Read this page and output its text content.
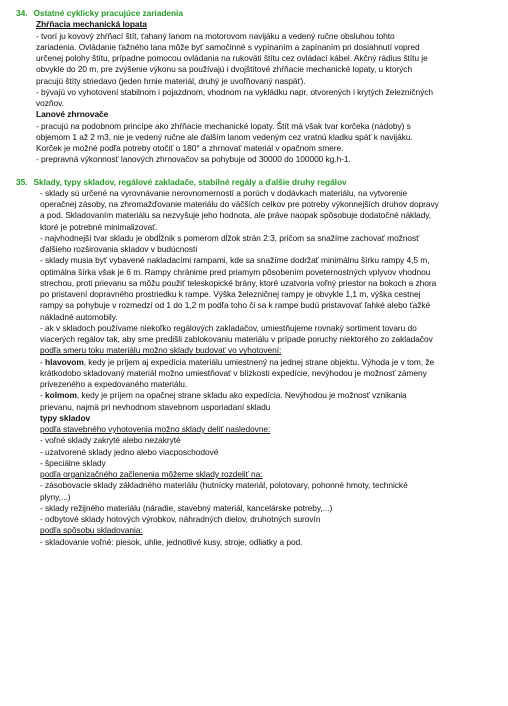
34. Ostatné cyklicky pracujúce zariadenia
Zhŕňacia mechanická lopata
- tvorí ju kovový zhŕňací štít, ťahaný lanom na motorovom navijáku a vedený ručne obsluhou tohto
zariadenia. Ovládanie ťažného lana môže byť samočinné s vypínaním a zapínaním pri dosiahnutí vopred
určenej polohy štítu, prípadne pomocou ovládania na rukoväti štítu cez ovládací kábel. Akčný rádius štítu je
obvykle do 20 m, pre zvýšenie výkonu sa používajú i dvojštítové zhŕňacie mechanické lopaty, u ktorých
pracujú štíty striedavo (jeden hrnie materiál, druhý je uvoľňovaný naspäť).
- bývajú vo vyhotovení stabilnom i pojazdnom, vhodnom na vykládku napr. otvorených i krytých železničných
vozňov.
Lanové zhrnovače
- pracujú na podobnom princípe ako zhŕňacie mechanické lopaty. Štít má však tvar korčeka (nádoby) s
objemom 1 až 2 m3, nie je vedený ručne ale ďalším lanom vedeným cez vratnú kladku späť k navijáku.
Korček je možné podľa potreby otočiť o 180° a zhrnovať materiál v opačnom smere.
- prepravná výkonnosť lanových zhrnovačov sa pohybuje od 30000 do 100000 kg.h-1.
35. Sklady, typy skladov, regálové zakladače, stabilné regály a ďalšie druhy regálov
- sklady sú určené na vyrovnávanie nerovnomerností a porúch v dodávkach materiálu, na vytvorenie
operačnej zásoby, na zhromažďovanie materiálu do väčších celkov pre potreby výkonnejších druhov dopravy
a pod. Skladovaním materiálu sa nezvyšuje jeho hodnota, ale práve naopak spôsobuje dodatočné náklady,
ktoré je potrebné minimalizovať.
- najvhodnejší tvar skladu je obdĺžnik s pomerom dĺžok strán 2:3, pričom sa snažíme zachovať možnosť
ďalšieho rozširovania skladov v budúcnosti
- sklady musia byť vybavené nakladacími rampami, kde sa snažíme dodržať minimálnu šírku rampy 4,5 m,
optimálna šírka však je 6 m. Rampy chránime pred priamym pôsobením poveternostných vplyvov vhodnou
strechou, proti prievanu sa môžu použiť teleskopické brány, ktoré uzatvoria voľný priestor na bokoch a zhora
po pristavení dopravného prostriedku k rampe. Výška železničnej rampy je obvykle 1,1 m, výška cestnej
rampy sa pohybuje v rozmedzí od 1 do 1,2 m podľa toho či sa k rampe budú pristavovať ľahké alebo ťažké
nákladné automobily.
- ak v skladoch používame niekoľko regálových zakladačov, umiestňujeme rovnaký sortiment tovaru do
viacerých regálov tak, aby sme predišli zablokovaniu materiálu v prípade poruchy niektorého zo zakladačov
podľa smeru toku materiálu možno sklady budovať vo vyhotovení:
- hlavovom, kedy je príjem aj expedícia materiálu umiestnený na jednej strane objektu. Výhoda je v tom, že
krátkodobo skladovaný materiál možno umiestňovať v blízkosti expedície, nevýhodou je možnosť zámeny
privezeného a expedovaného materiálu.
- kolmom, kedy je príjem na opačnej strane skladu ako expedícia. Nevýhodou je možnosť vznikania
prievanu, najmä pri nevhodnom stavebnom usporiadaní skladu
typy skladov
podľa stavebného vyhotovenia možno sklady deliť nasledovne:
- voľné sklady zakryté alebo nezakryté
- uzatvorené sklady jedno alebo viacposchodové
- špeciálne sklady
podľa organizačného začlenenia môžeme sklady rozdeliť na:
- zásobovacie sklady základného materiálu (hutnícky materiál, polotovary, pohonné hmoty, technické
plyny,...)
- sklady režijného materiálu (náradie, stavebný materiál, kancelárske potreby,...)
- odbytové sklady hotových výrobkov, náhradných dielov, druhotných surovín
podľa spôsobu skladovania:
- skladovanie voľné: piesok, uhlie, jednotlivé kusy, stroje, odliatky a pod.
